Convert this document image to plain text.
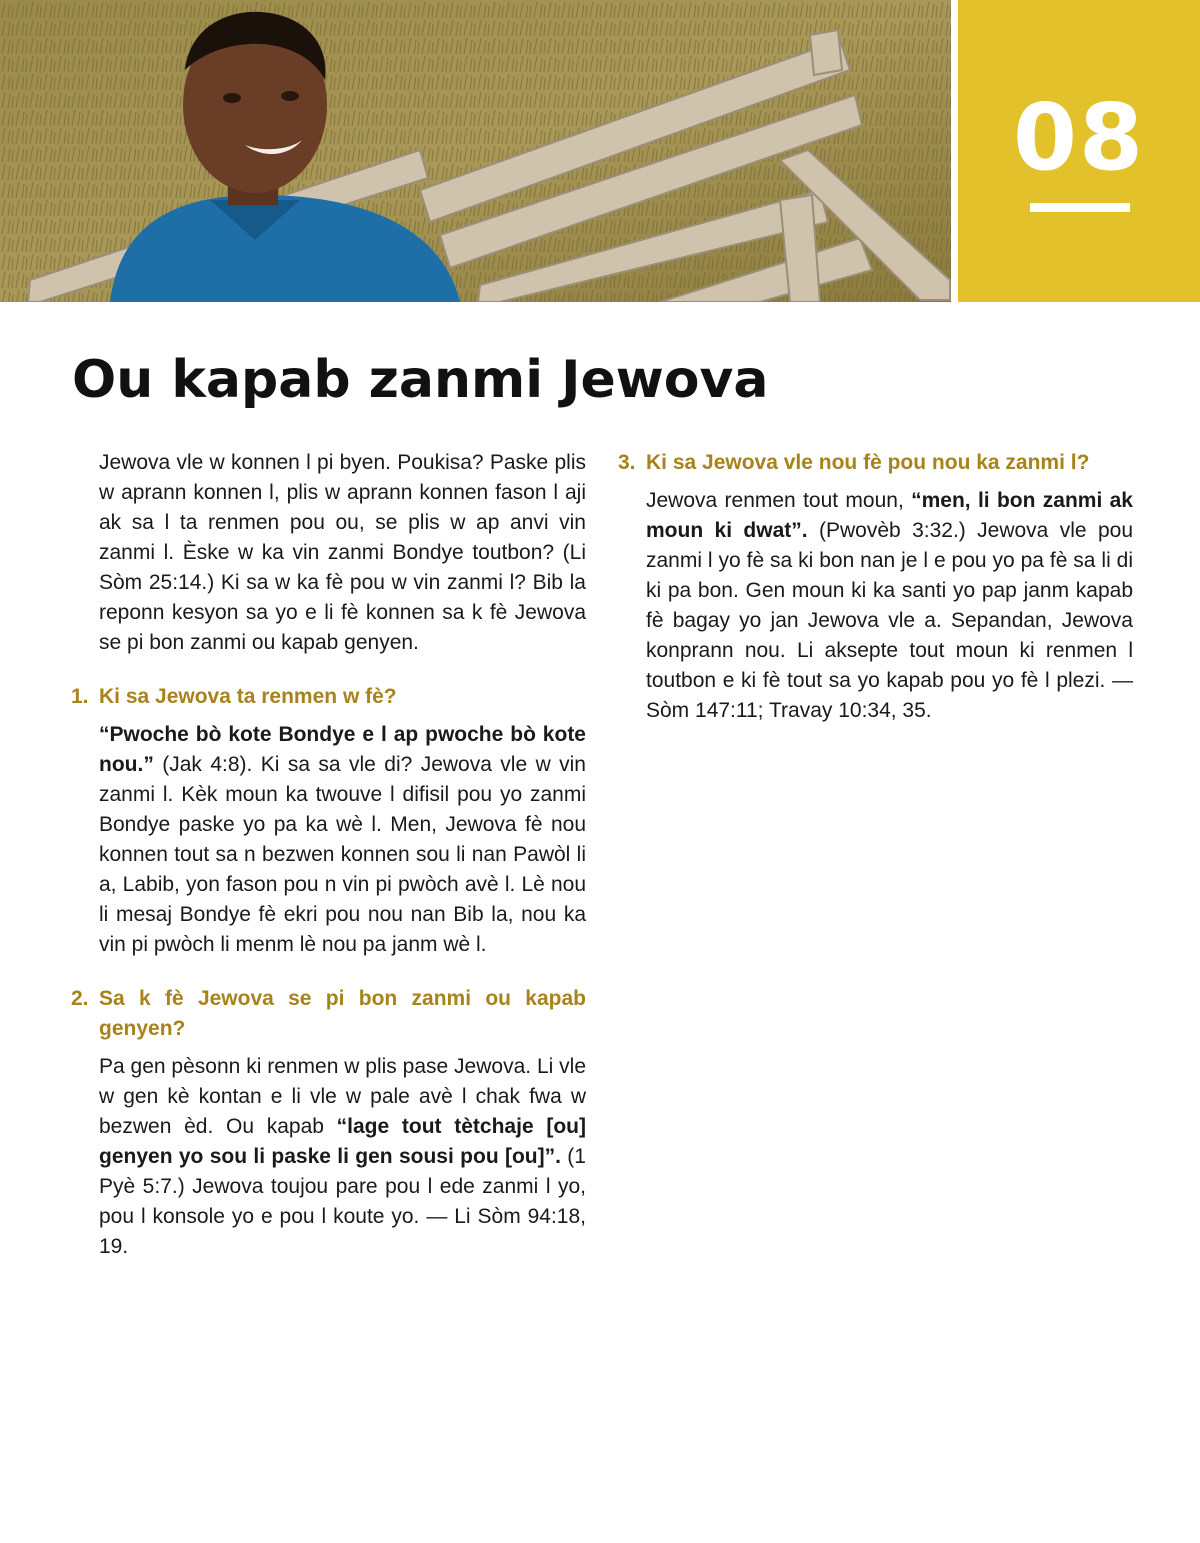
08
Ou kapab zanmi Jewova

Jewova vle w konnen l pi byen. Poukisa? Paske plis w aprann konnen l, plis w aprann konnen fason l aji ak sa l ta renmen pou ou, se plis w ap anvi vin zanmi l. Èske w ka vin zanmi Bondye toutbon? (Li Sòm 25:14.) Ki sa w ka fè pou w vin zanmi l? Bib la reponn kesyon sa yo e li fè konnen sa k fè Jewova se pi bon zanmi ou kapab genyen.

1. Ki sa Jewova ta renmen w fè?

“Pwoche bò kote Bondye e l ap pwoche bò kote nou.” (Jak 4:8). Ki sa sa vle di? Jewova vle w vin zanmi l. Kèk moun ka twouve l difisil pou yo zanmi Bondye paske yo pa ka wè l. Men, Jewova fè nou konnen tout sa n bezwen konnen sou li nan Pawòl li a, Labib, yon fason pou n vin pi pwòch avè l. Lè nou li mesaj Bondye fè ekri pou nou nan Bib la, nou ka vin pi pwòch li menm lè nou pa janm wè l.

2. Sa k fè Jewova se pi bon zanmi ou kapab genyen?

Pa gen pèsonn ki renmen w plis pase Jewova. Li vle w gen kè kontan e li vle w pale avè l chak fwa w bezwen èd. Ou kapab “lage tout tètchaje [ou] genyen yo sou li paske li gen sousi pou [ou]”. (1 Pyè 5:7.) Jewova toujou pare pou l ede zanmi l yo, pou l konsole yo e pou l koute yo. — Li Sòm 94:18, 19.

3. Ki sa Jewova vle nou fè pou nou ka zanmi l?

Jewova renmen tout moun, “men, li bon zanmi ak moun ki dwat”. (Pwovèb 3:32.) Jewova vle pou zanmi l yo fè sa ki bon nan je l e pou yo pa fè sa li di ki pa bon. Gen moun ki ka santi yo pap janm kapab fè bagay yo jan Jewova vle a. Sepandan, Jewova konprann nou. Li aksepte tout moun ki renmen l toutbon e ki fè tout sa yo kapab pou yo fè l plezi. — Sòm 147:11; Travay 10:34, 35.
